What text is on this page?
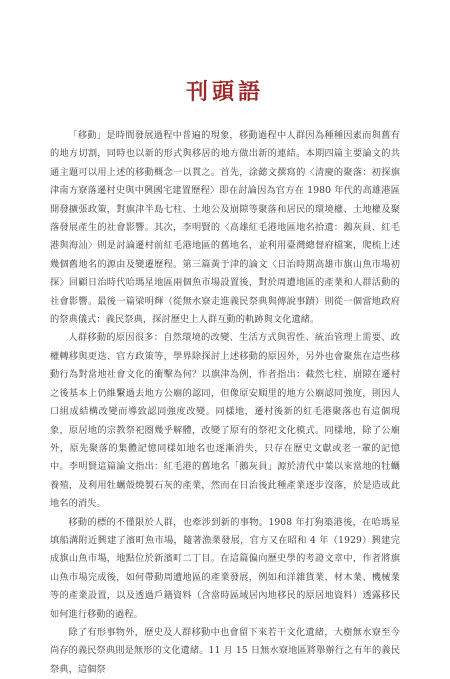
刊頭語

「移動」是時間發展過程中普遍的現象，移動過程中人群因為種種因素而與舊有的地方切割，同時也以新的形式與移居的地方做出新的連結。本期四篇主要論文的共通主題可以用上述的移動概念一以貫之。首先，涂懿文撰寫的〈清慶的聚落：初探旗津南方寮落遷村史與中興國宅建置歷程〉即在討論因為官方在 1980 年代的高雄港區開發擴張政策，對旗津半島七柱、土地公及崩隙等聚落和居民的環境權、土地權及聚落發展產生的社會影響。其次，李明賢的〈高雄紅毛港地區地名拾遺：鵝灰員、紅毛港與海汕〉則是討論遷村前紅毛港地區的舊地名，並利用臺灣總督府檔案，爬梳上述幾個舊地名的源由及變遷歷程。第三篇黃于津的論文〈日治時期高雄市旗山魚市場初探〉回顧日治時代哈瑪星地區兩個魚市場設置後，對於周遭地區的產業和人群活動的社會影響。最後一篇梁明輝（從無水寮走進義民祭典與傳說事蹟）則從一個當地政府的祭典儀式：義民祭典，探討歷史上人群互動的軌跡與文化遺緒。

人群移動的原因很多：自然環境的改變、生活方式與習性、統治管理上需要、政權轉移與更迭、官方政策等，學界除探討上述移動的原因外，另外也會聚焦在這些移動行為對當地社會文化的衝擊為何？以旗津為例，作者指出：截然七柱、崩隙在遷村之後基本上仍維繫過去地方公廟的認同，但像原安順里的地方公廟認同強度，則因人口組成結構改變而導致認同強度改變。同樣地，遷村後新的紅毛港聚落也有這個現象，原居地的宗教祭祀圈幾乎解體，改變了原有的祭祀文化模式。同樣地，除了公廟外，原先聚落的集體記憶同樣如地名也逐漸消失，只存在歷史文獻或老一輩的記憶中。李明賢這篇論文指出：紅毛港的舊地名「鵝灰員」源於清代中葉以來當地的牡蠣養殖，及利用牡蠣殼燒製石灰的產業，然而在日治後此種產業逐步沒落，於是造成此地名的消失。

移動的標的不僅限於人群，也牽涉到新的事物。1908 年打狗築港後，在哈瑪星填船溝附近興建了濱町魚市場，隨著漁業發展，官方又在昭和 4 年（1929）興建完成旗山魚市場，地點位於新濱町二丁目。在這篇偏向歷史學的考證文章中，作者將旗山魚市場完成後，如何帶動周遭地區的產業發展，例如和洋雜貨業、材木業、機械業等的產業設置，以及透過戶籍資料（含當時區域居內地移民的原居地資料）透露移民如何進行移動的過程。

除了有形事物外，歷史及人群移動中也會留下來若干文化遺緒，大樹無水寮至今尚存的義民祭典則是無形的文化遺緒。11 月 15 日無水寮地區將舉辦行之有年的義民祭典，這個祭
